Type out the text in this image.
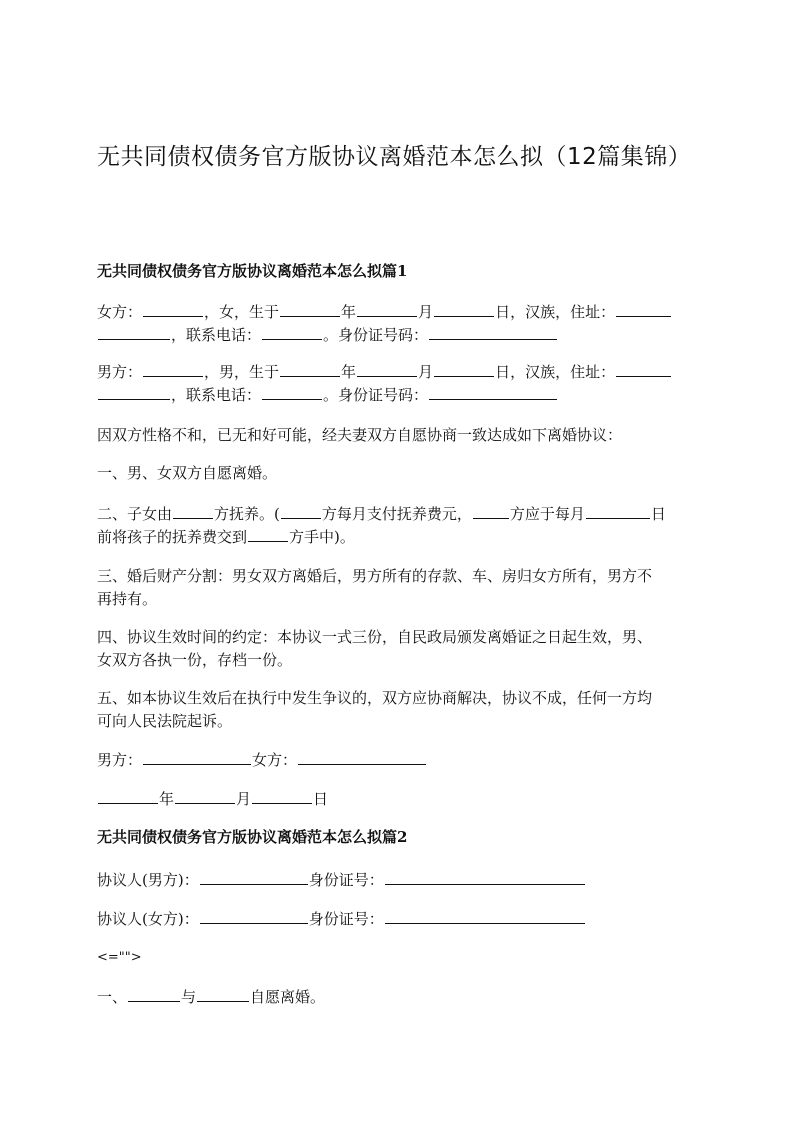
无共同债权债务官方版协议离婚范本怎么拟（12篇集锦）
无共同债权债务官方版协议离婚范本怎么拟篇1
女方：	，女，生于	年	月	日，汉族，住址：
，联系电话：	。身份证号码：
男方：	，男，生于	年	月	日，汉族，住址：
，联系电话：	。身份证号码：
因双方性格不和，已无和好可能，经夫妻双方自愿协商一致达成如下离婚协议：
一、男、女双方自愿离婚。
二、子女由	方抚养。(	方每月支付抚养费元，	方应于每月	日
前将孩子的抚养费交到	方手中)。
三、婚后财产分割：男女双方离婚后，男方所有的存款、车、房归女方所有，男方不
再持有。
四、协议生效时间的约定：本协议一式三份，自民政局颁发离婚证之日起生效，男、
女双方各执一份，存档一份。
五、如本协议生效后在执行中发生争议的，双方应协商解决，协议不成，任何一方均
可向人民法院起诉。
男方：	女方：
年	月	日
无共同债权债务官方版协议离婚范本怎么拟篇2
协议人(男方)：	身份证号：
协议人(女方)：	身份证号：
<="">
一、	与	自愿离婚。
